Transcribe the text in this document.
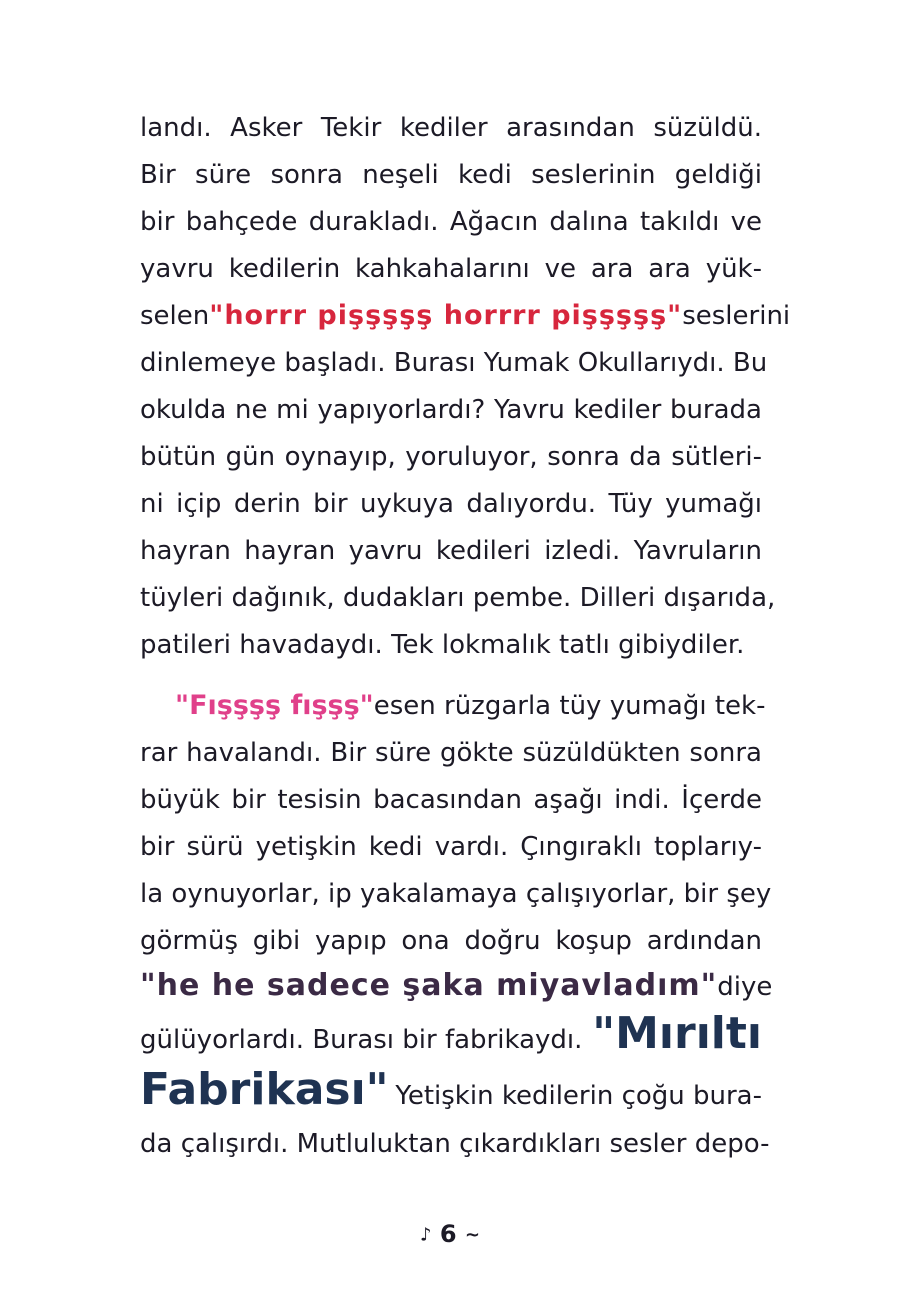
landı. Asker Tekir kediler arasından süzüldü.
Bir süre sonra neşeli kedi seslerinin geldiği
bir bahçede durakladı. Ağacın dalına takıldı ve
yavru kedilerin kahkahalarını ve ara ara yük-
selen "horrr pişşşşş horrrr pişşşşş" seslerini
dinlemeye başladı. Burası Yumak Okullarıydı. Bu
okulda ne mi yapıyorlardı? Yavru kediler burada
bütün gün oynayıp, yoruluyor, sonra da sütleri-
ni içip derin bir uykuya dalıyordu. Tüy yumağı
hayran hayran yavru kedileri izledi. Yavruların
tüyleri dağınık, dudakları pembe. Dilleri dışarıda,
patileri havadaydı. Tek lokmalık tatlı gibiydiler.
"Fışşşş fışşş" esen rüzgarla tüy yumağı tek-
rar havalandı. Bir süre gökte süzüldükten sonra
büyük bir tesisin bacasından aşağı indi. İçerde
bir sürü yetişkin kedi vardı. Çıngıraklı toplarıy-
la oynuyorlar, ip yakalamaya çalışıyorlar, bir şey
görmüş gibi yapıp ona doğru koşup ardından
"he he sadece şaka miyavladım" diye
gülüyorlardı. Burası bir fabrikaydı. "Mırıltı
Fabrikası" Yetişkin kedilerin çoğu bura-
da çalışırdı. Mutluluktan çıkardıkları sesler depo-
♪ 6 ∼
